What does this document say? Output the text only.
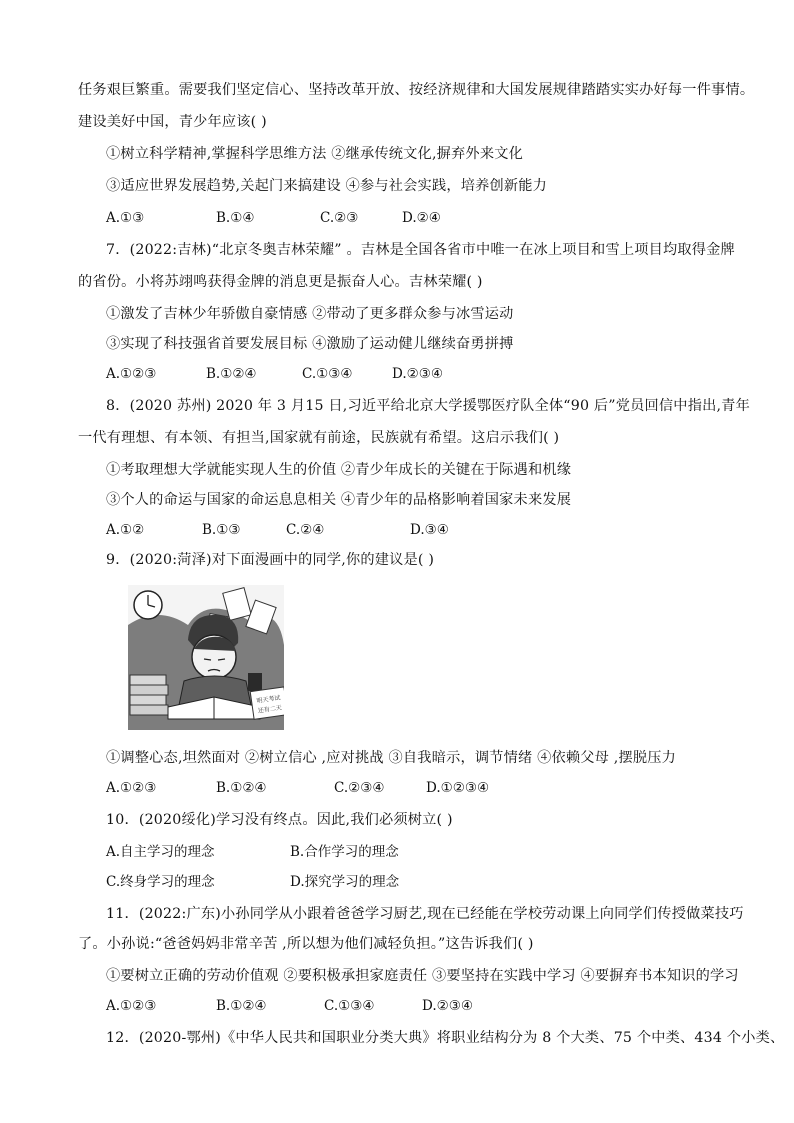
任务艰巨繁重。需要我们坚定信心、坚持改革开放、按经济规律和大国发展规律踏踏实实办好每一件事情。
建设美好中国，青少年应该( )
①树立科学精神,掌握科学思维方法 ②继承传统文化,摒弃外来文化
③适应世界发展趋势,关起门来搞建设 ④参与社会实践，培养创新能力
A.①③	B.①④	C.②③	D.②④
7．(2022:吉林)“北京冬奥吉林荣耀” 。吉林是全国各省市中唯一在冰上项目和雪上项目均取得金牌
的省份。小将苏翊鸣获得金牌的消息更是振奋人心。吉林荣耀( )
①激发了吉林少年骄傲自豪情感 ②带动了更多群众参与冰雪运动
③实现了科技强省首要发展目标 ④激励了运动健儿继续奋勇拼搏
A.①②③	B.①②④	C.①③④	D.②③④
8．(2020 苏州) 2020 年 3 月15 日,习近平给北京大学援鄂医疗队全体“90 后”党员回信中指出,青年
一代有理想、有本领、有担当,国家就有前途，民族就有希望。这启示我们( )
①考取理想大学就能实现人生的价值 ②青少年成长的关键在于际遇和机缘
③个人的命运与国家的命运息息相关 ④青少年的品格影响着国家未来发展
A.①②	B.①③	C.②④	D.③④
9．(2020:菏泽)对下面漫画中的同学,你的建议是( )
明天考试
还有二天
①调整心态,坦然面对 ②树立信心 ,应对挑战 ③自我暗示，调节情绪 ④依赖父母 ,摆脱压力
A.①②③	B.①②④	C.②③④	D.①②③④
10．(2020绥化)学习没有终点。因此,我们必须树立( )
A.自主学习的理念	B.合作学习的理念
C.终身学习的理念	D.探究学习的理念
11．(2022:广东)小孙同学从小跟着爸爸学习厨艺,现在已经能在学校劳动课上向同学们传授做菜技巧
了。小孙说:“爸爸妈妈非常辛苦 ,所以想为他们减轻负担。”这告诉我们( )
①要树立正确的劳动价值观 ②要积极承担家庭责任 ③要坚持在实践中学习 ④要摒弃书本知识的学习
A.①②③	B.①②④	C.①③④	D.②③④
12．(2020-鄂州)《中华人民共和国职业分类大典》将职业结构分为 8 个大类、75 个中类、434 个小类、
